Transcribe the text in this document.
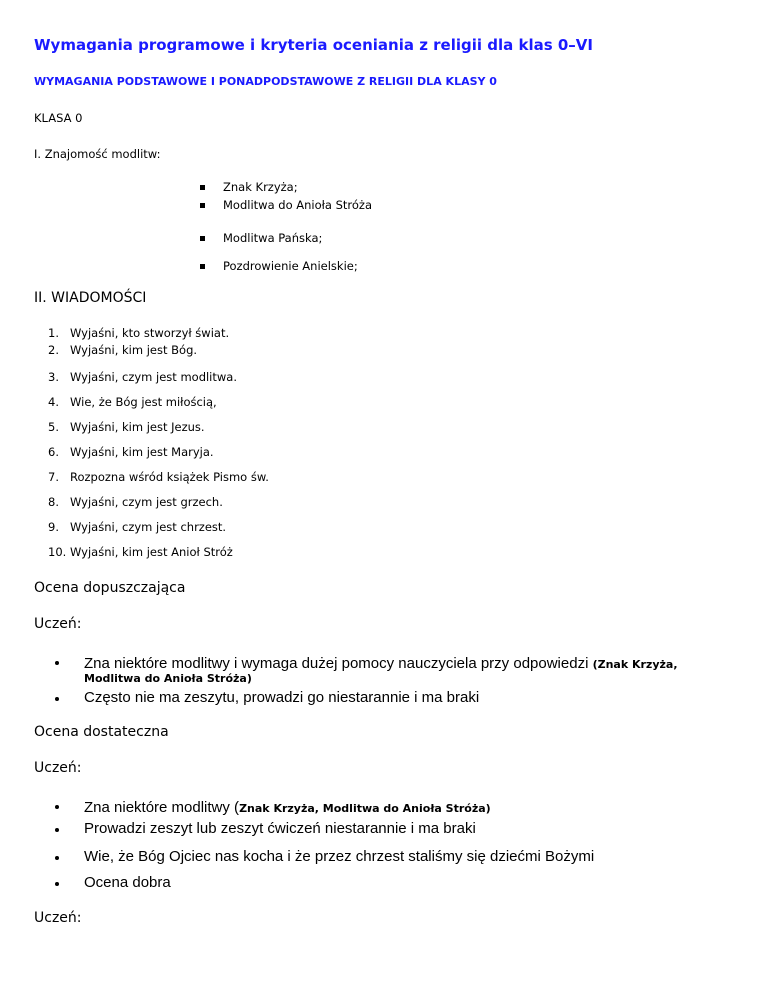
Wymagania programowe i kryteria oceniania z religii dla klas 0–VI
WYMAGANIA PODSTAWOWE I PONADPODSTAWOWE Z RELIGII DLA KLASY 0
KLASA 0
I. Znajomość modlitw:
Znak Krzyża;
Modlitwa do Anioła Stróża
Modlitwa Pańska;
Pozdrowienie Anielskie;
II. WIADOMOŚCI
1. Wyjaśni, kto stworzył świat.
2. Wyjaśni, kim jest Bóg.
3. Wyjaśni, czym jest modlitwa.
4. Wie, że Bóg jest miłością,
5. Wyjaśni, kim jest Jezus.
6. Wyjaśni, kim jest Maryja.
7. Rozpozna wśród książek Pismo św.
8. Wyjaśni, czym jest grzech.
9. Wyjaśni, czym jest chrzest.
10. Wyjaśni, kim jest Anioł Stróż
Ocena dopuszczająca
Uczeń:
Zna niektóre modlitwy i wymaga dużej pomocy nauczyciela przy odpowiedzi (Znak Krzyża,
Modlitwa do Anioła Stróża)
Często nie ma zeszytu, prowadzi go niestarannie i ma braki
Ocena dostateczna
Uczeń:
Zna niektóre modlitwy (Znak Krzyża, Modlitwa do Anioła Stróża)
Prowadzi zeszyt lub zeszyt ćwiczeń niestarannie i ma braki
Wie, że Bóg Ojciec nas kocha i że przez chrzest staliśmy się dziećmi Bożymi
Ocena dobra
Uczeń:
